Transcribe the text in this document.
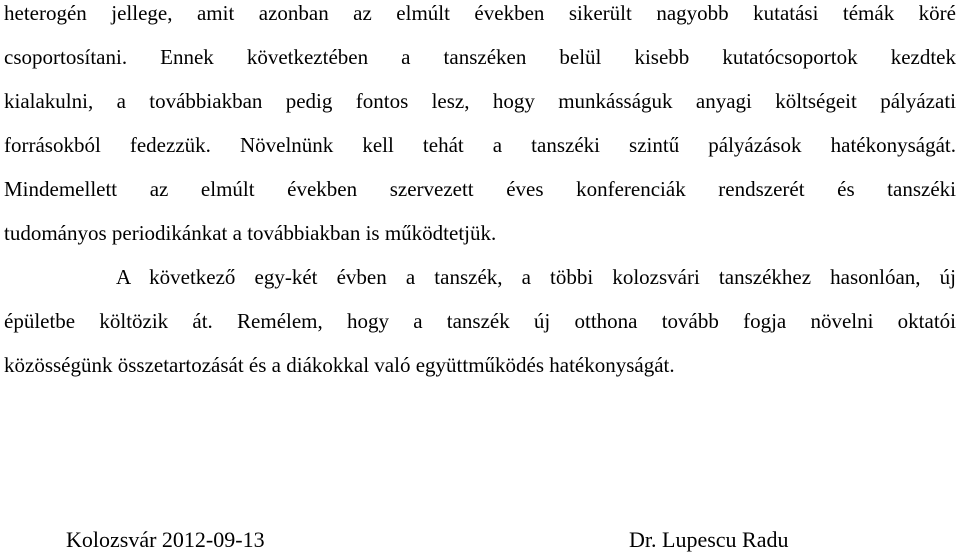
heterogén jellege, amit azonban az elmúlt években sikerült nagyobb kutatási témák köré
csoportosítani. Ennek következtében a tanszéken belül kisebb kutatócsoportok kezdtek
kialakulni, a továbbiakban pedig fontos lesz, hogy munkásságuk anyagi költségeit pályázati
forrásokból fedezzük. Növelnünk kell tehát a tanszéki szintű pályázások hatékonyságát.
Mindemellett az elmúlt években szervezett éves konferenciák rendszerét és tanszéki
tudományos periodikánkat a továbbiakban is működtetjük.
A következő egy-két évben a tanszék, a többi kolozsvári tanszékhez hasonlóan, új
épületbe költözik át. Remélem, hogy a tanszék új otthona tovább fogja növelni oktatói
közösségünk összetartozását és a diákokkal való együttműködés hatékonyságát.
Kolozsvár 2012-09-13	Dr. Lupescu Radu
